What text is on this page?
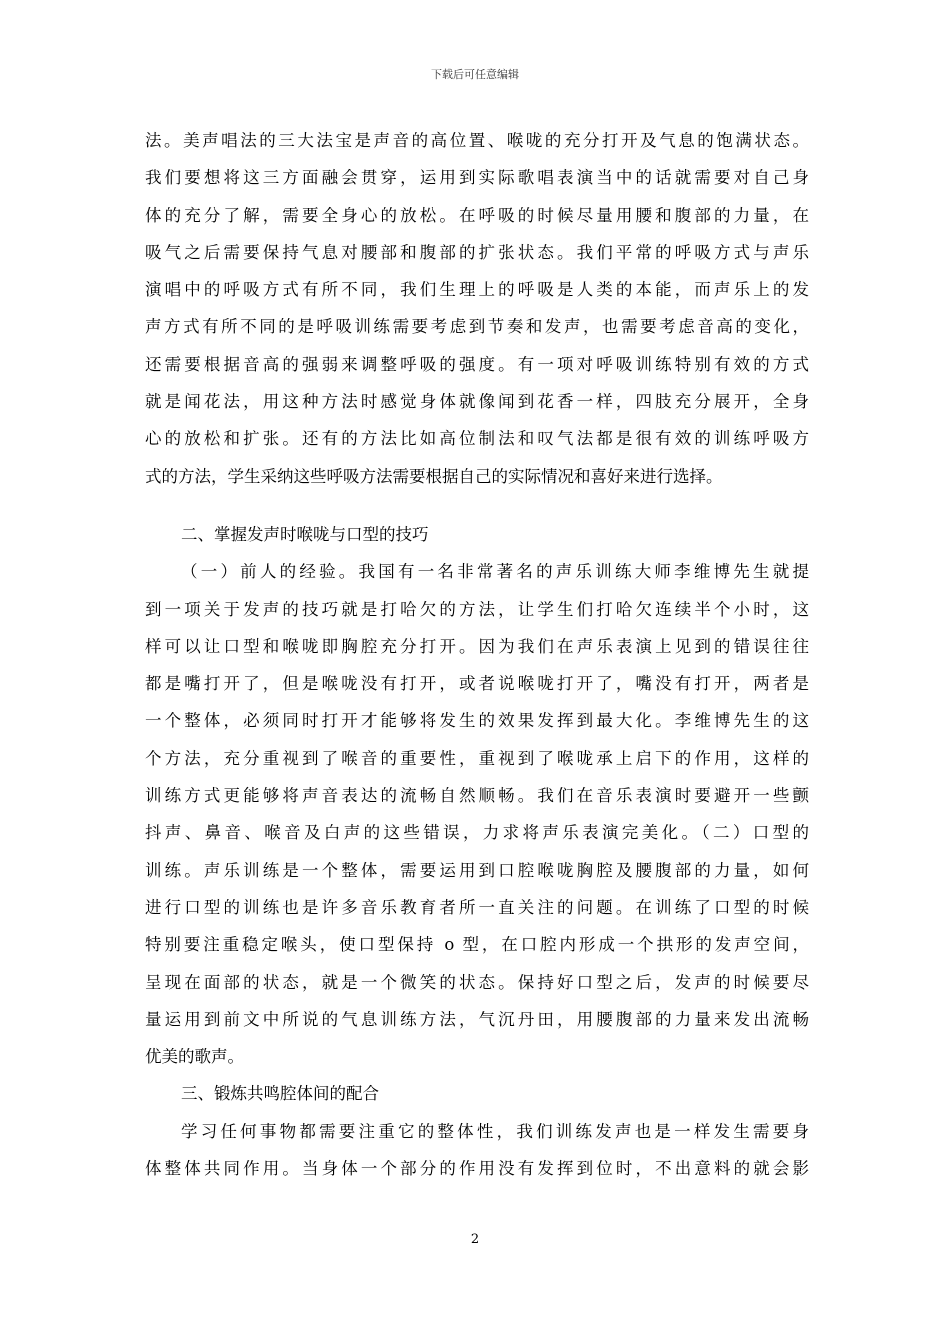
下载后可任意编辑
法。美声唱法的三大法宝是声音的高位置、喉咙的充分打开及气息的饱满状态。
我们要想将这三方面融会贯穿，运用到实际歌唱表演当中的话就需要对自己身
体的充分了解，需要全身心的放松。在呼吸的时候尽量用腰和腹部的力量，在
吸气之后需要保持气息对腰部和腹部的扩张状态。我们平常的呼吸方式与声乐
演唱中的呼吸方式有所不同，我们生理上的呼吸是人类的本能，而声乐上的发
声方式有所不同的是呼吸训练需要考虑到节奏和发声，也需要考虑音高的变化，
还需要根据音高的强弱来调整呼吸的强度。有一项对呼吸训练特别有效的方式
就是闻花法，用这种方法时感觉身体就像闻到花香一样，四肢充分展开，全身
心的放松和扩张。还有的方法比如高位制法和叹气法都是很有效的训练呼吸方
式的方法，学生采纳这些呼吸方法需要根据自己的实际情况和喜好来进行选择。
二、掌握发声时喉咙与口型的技巧
（一）前人的经验。我国有一名非常著名的声乐训练大师李维博先生就提
到一项关于发声的技巧就是打哈欠的方法，让学生们打哈欠连续半个小时，这
样可以让口型和喉咙即胸腔充分打开。因为我们在声乐表演上见到的错误往往
都是嘴打开了，但是喉咙没有打开，或者说喉咙打开了，嘴没有打开，两者是
一个整体，必须同时打开才能够将发生的效果发挥到最大化。李维博先生的这
个方法，充分重视到了喉音的重要性，重视到了喉咙承上启下的作用，这样的
训练方式更能够将声音表达的流畅自然顺畅。我们在音乐表演时要避开一些颤
抖声、鼻音、喉音及白声的这些错误，力求将声乐表演完美化。（二）口型的
训练。声乐训练是一个整体，需要运用到口腔喉咙胸腔及腰腹部的力量，如何
进行口型的训练也是许多音乐教育者所一直关注的问题。在训练了口型的时候
特别要注重稳定喉头，使口型保持 o 型，在口腔内形成一个拱形的发声空间，
呈现在面部的状态，就是一个微笑的状态。保持好口型之后，发声的时候要尽
量运用到前文中所说的气息训练方法，气沉丹田，用腰腹部的力量来发出流畅
优美的歌声。
三、锻炼共鸣腔体间的配合
学习任何事物都需要注重它的整体性，我们训练发声也是一样发生需要身
体整体共同作用。当身体一个部分的作用没有发挥到位时，不出意料的就会影
2
